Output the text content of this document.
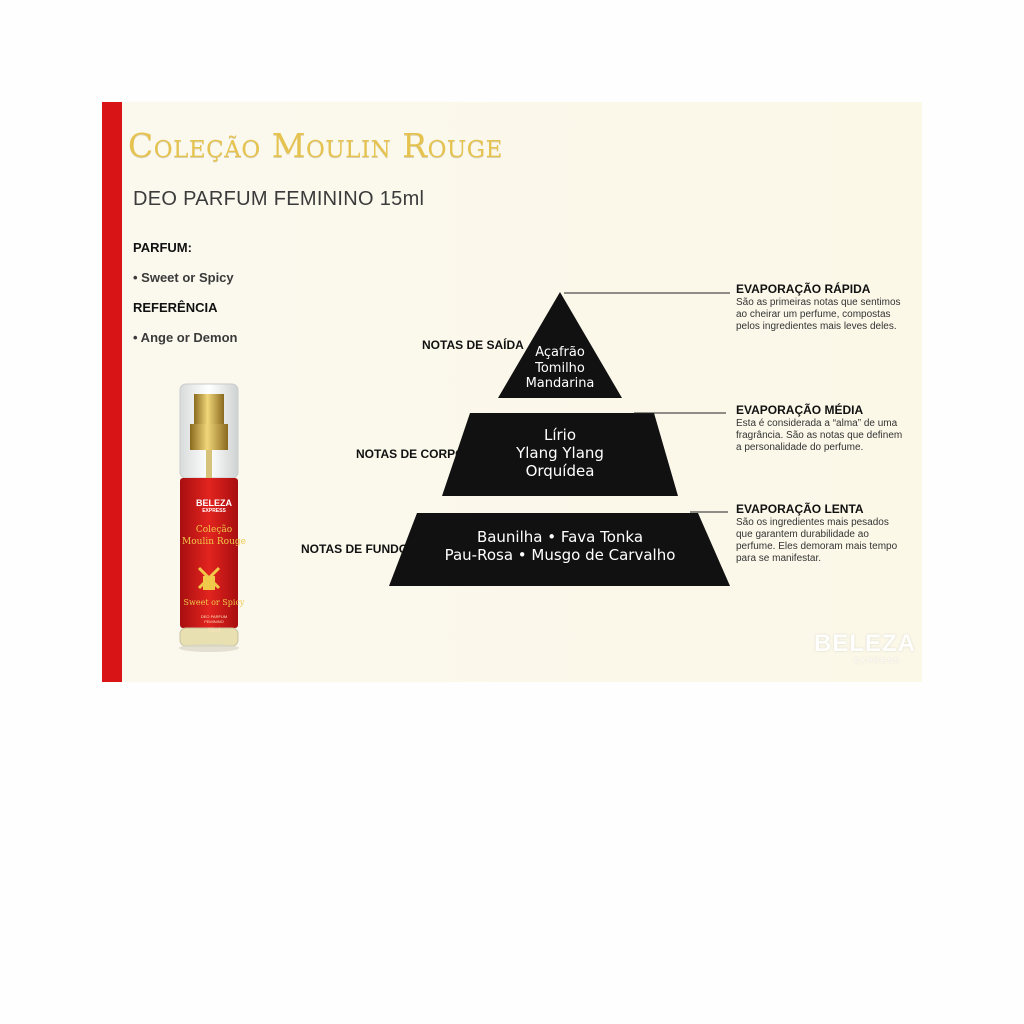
Coleção Moulin Rouge
DEO PARFUM FEMININO 15ml
PARFUM:
• Sweet or Spicy
REFERÊNCIA
• Ange or Demon
BELEZA
EXPRESS
Coleção
Moulin Rouge
Sweet or Spicy
DEO PARFUM
FEMININO
15ml
NOTAS DE SAÍDA
NOTAS DE CORPO
NOTAS DE FUNDO
Açafrão
Tomilho
Mandarina
Lírio
Ylang Ylang
Orquídea
Baunilha • Fava Tonka
Pau-Rosa • Musgo de Carvalho
EVAPORAÇÃO RÁPIDA
São as primeiras notas que sentimos ao cheirar um perfume, compostas pelos ingredientes mais leves deles.
EVAPORAÇÃO MÉDIA
Esta é considerada a “alma” de uma fragrância. São as notas que definem a personalidade do perfume.
EVAPORAÇÃO LENTA
São os ingredientes mais pesados que garantem durabilidade ao perfume. Eles demoram mais tempo para se manifestar.
BELEZA
EXPRESS
